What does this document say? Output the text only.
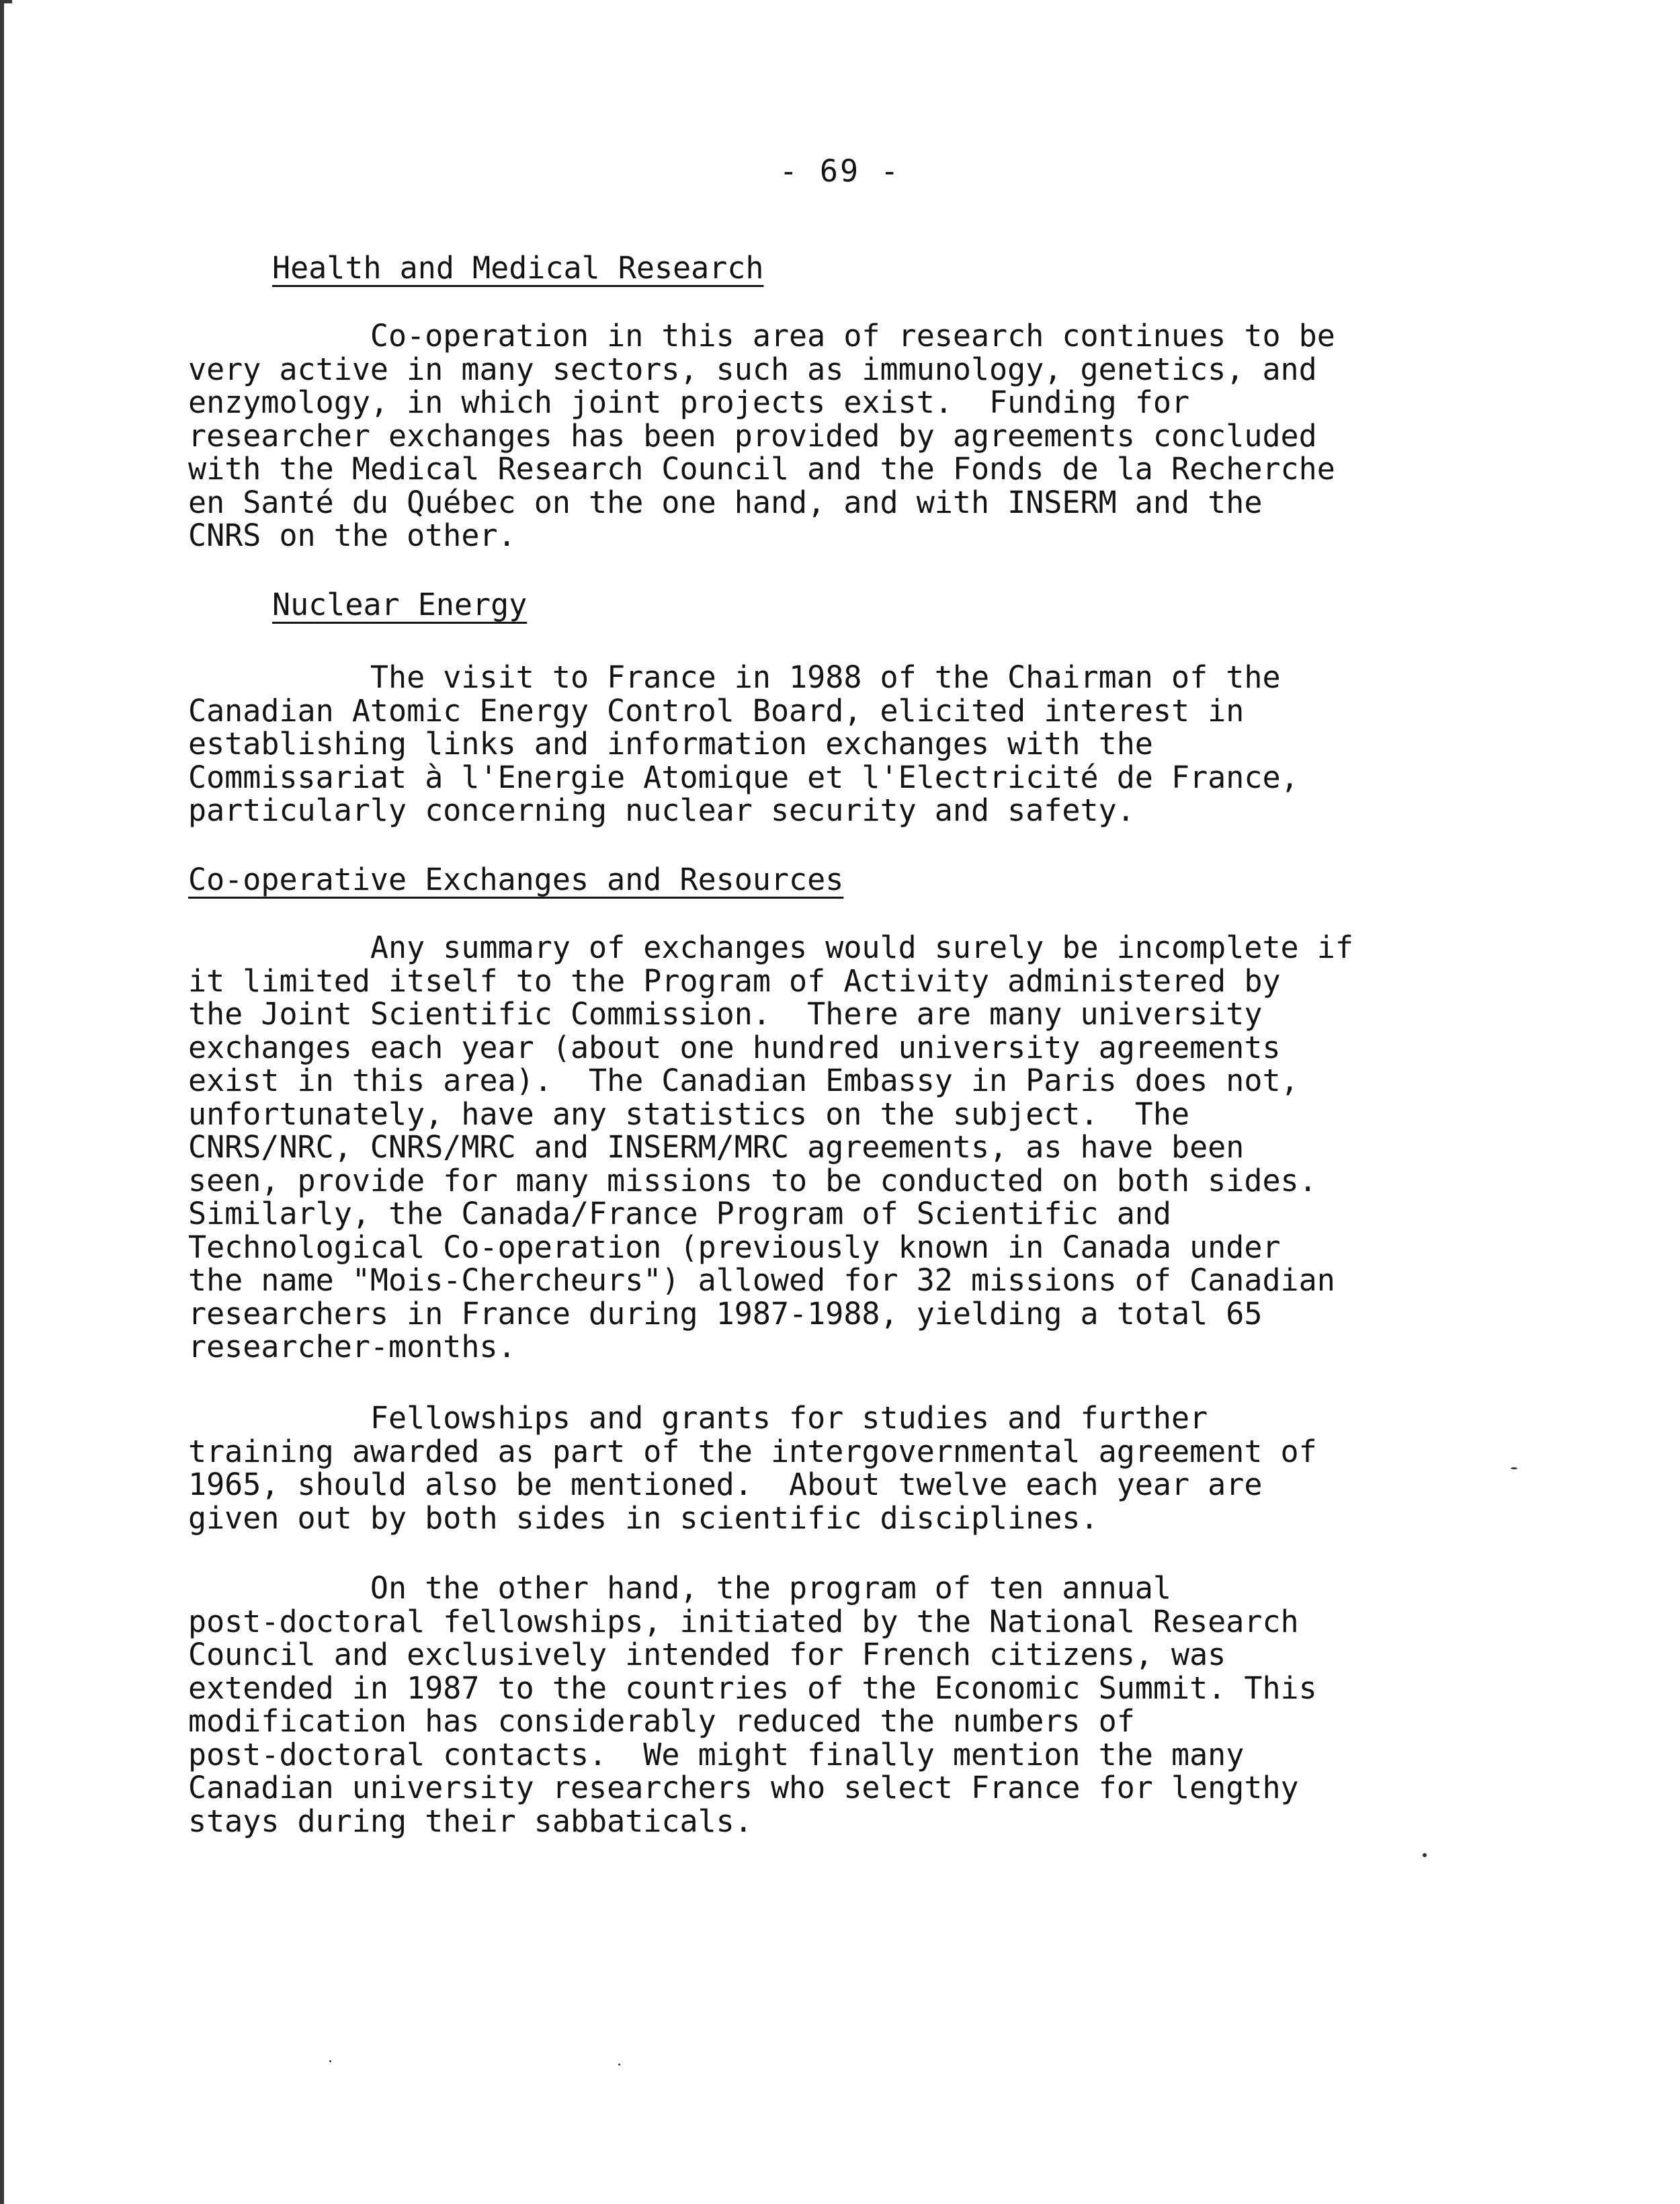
- 69 -
Health and Medical Research

Co-operation in this area of research continues to be
very active in many sectors, such as immunology, genetics, and
enzymology, in which joint projects exist.  Funding for
researcher exchanges has been provided by agreements concluded
with the Medical Research Council and the Fonds de la Recherche
en Santé du Québec on the one hand, and with INSERM and the
CNRS on the other.

Nuclear Energy

The visit to France in 1988 of the Chairman of the
Canadian Atomic Energy Control Board, elicited interest in
establishing links and information exchanges with the
Commissariat à l'Energie Atomique et l'Electricité de France,
particularly concerning nuclear security and safety.

Co-operative Exchanges and Resources

Any summary of exchanges would surely be incomplete if
it limited itself to the Program of Activity administered by
the Joint Scientific Commission.  There are many university
exchanges each year (about one hundred university agreements
exist in this area).  The Canadian Embassy in Paris does not,
unfortunately, have any statistics on the subject.  The
CNRS/NRC, CNRS/MRC and INSERM/MRC agreements, as have been
seen, provide for many missions to be conducted on both sides.
Similarly, the Canada/France Program of Scientific and
Technological Co-operation (previously known in Canada under
the name "Mois-Chercheurs") allowed for 32 missions of Canadian
researchers in France during 1987-1988, yielding a total 65
researcher-months.

Fellowships and grants for studies and further
training awarded as part of the intergovernmental agreement of
1965, should also be mentioned.  About twelve each year are
given out by both sides in scientific disciplines.

On the other hand, the program of ten annual
post-doctoral fellowships, initiated by the National Research
Council and exclusively intended for French citizens, was
extended in 1987 to the countries of the Economic Summit. This
modification has considerably reduced the numbers of
post-doctoral contacts.  We might finally mention the many
Canadian university researchers who select France for lengthy
stays during their sabbaticals.
